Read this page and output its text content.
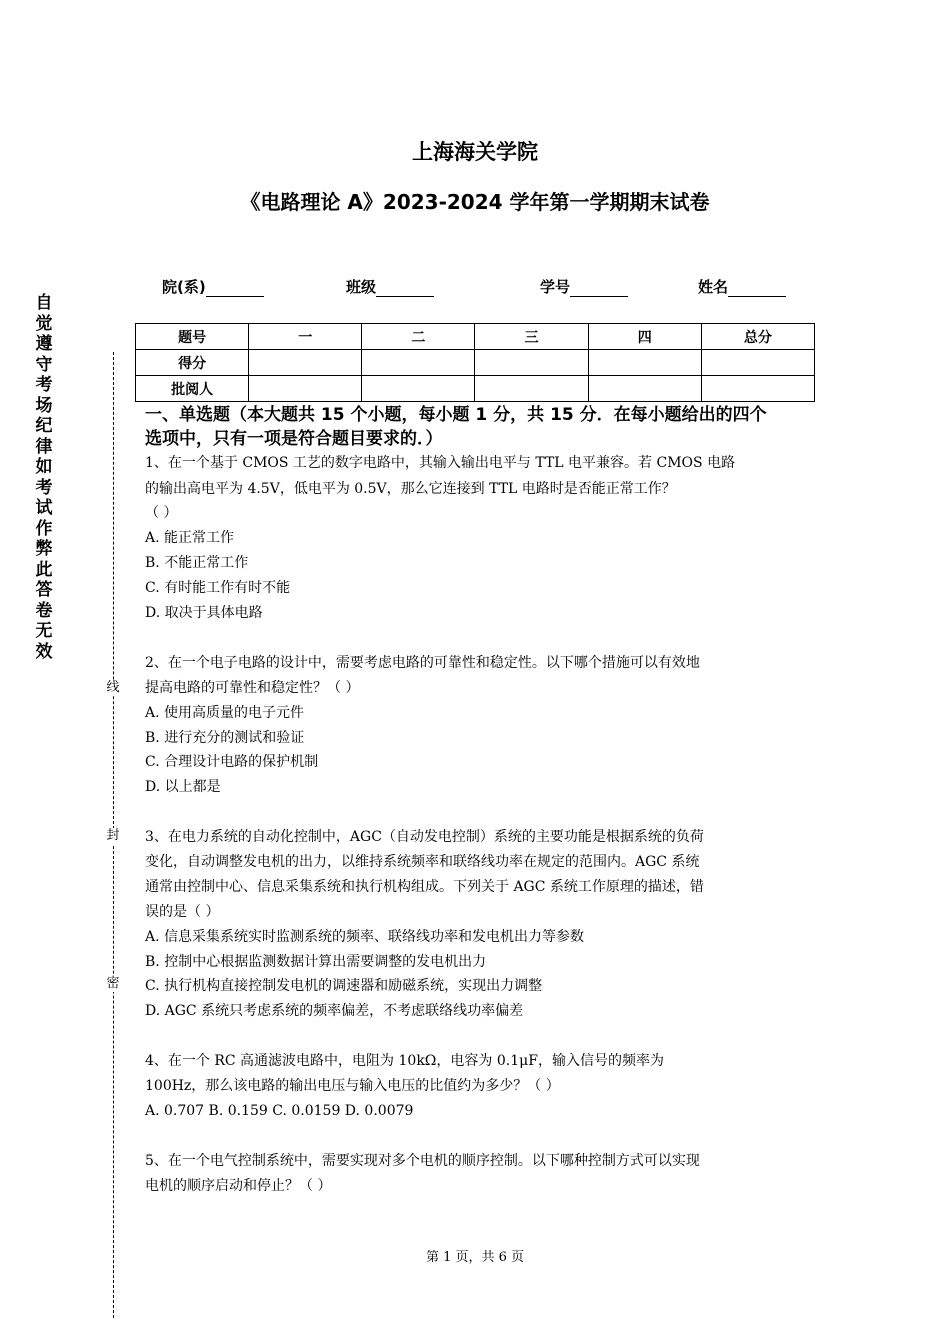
上海海关学院
《电路理论 A》2023-2024 学年第一学期期末试卷
院(系)	班级	学号	姓名
题号	一	二	三	四	总分
得分					
批阅人					
自觉遵守考场纪律如考试作弊此答卷无效
线
封
密
一、单选题（本大题共 15 个小题，每小题 1 分，共 15 分．在每小题给出的四个
选项中，只有一项是符合题目要求的．）
1、在一个基于 CMOS 工艺的数字电路中，其输入输出电平与 TTL 电平兼容。若 CMOS 电路
的输出高电平为 4.5V，低电平为 0.5V，那么它连接到 TTL 电路时是否能正常工作？
（ ）
A. 能正常工作
B. 不能正常工作
C. 有时能工作有时不能
D. 取决于具体电路
2、在一个电子电路的设计中，需要考虑电路的可靠性和稳定性。以下哪个措施可以有效地
提高电路的可靠性和稳定性？（ ）
A. 使用高质量的电子元件
B. 进行充分的测试和验证
C. 合理设计电路的保护机制
D. 以上都是
3、在电力系统的自动化控制中，AGC（自动发电控制）系统的主要功能是根据系统的负荷
变化，自动调整发电机的出力，以维持系统频率和联络线功率在规定的范围内。AGC 系统
通常由控制中心、信息采集系统和执行机构组成。下列关于 AGC 系统工作原理的描述，错
误的是（ ）
A. 信息采集系统实时监测系统的频率、联络线功率和发电机出力等参数
B. 控制中心根据监测数据计算出需要调整的发电机出力
C. 执行机构直接控制发电机的调速器和励磁系统，实现出力调整
D. AGC 系统只考虑系统的频率偏差，不考虑联络线功率偏差
4、在一个 RC 高通滤波电路中，电阻为 10kΩ，电容为 0.1μF，输入信号的频率为
100Hz，那么该电路的输出电压与输入电压的比值约为多少？（ ）
A. 0.707 B. 0.159 C. 0.0159 D. 0.0079
5、在一个电气控制系统中，需要实现对多个电机的顺序控制。以下哪种控制方式可以实现
电机的顺序启动和停止？（ ）
第 1 页，共 6 页
